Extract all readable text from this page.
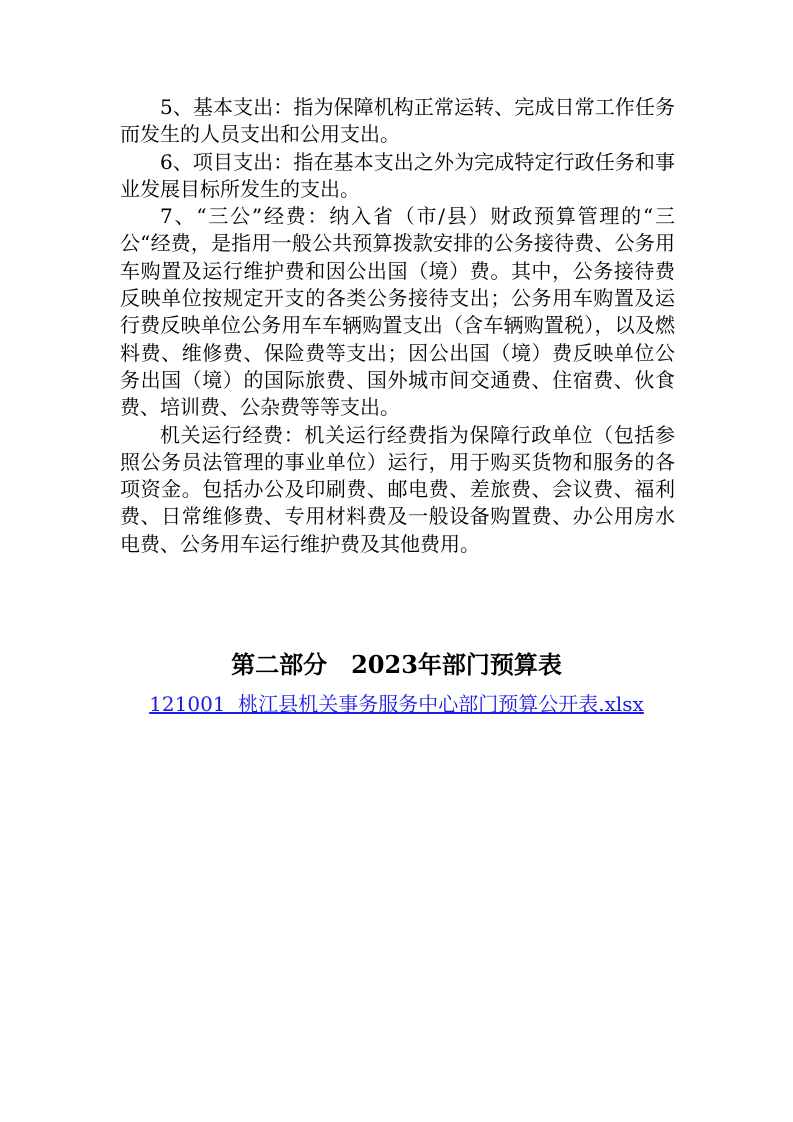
5、基本支出：指为保障机构正常运转、完成日常工作任务而发生的人员支出和公用支出。

6、项目支出：指在基本支出之外为完成特定行政任务和事业发展目标所发生的支出。

7、“三公”经费：纳入省（市/县）财政预算管理的“三公“经费，是指用一般公共预算拨款安排的公务接待费、公务用车购置及运行维护费和因公出国（境）费。其中，公务接待费反映单位按规定开支的各类公务接待支出；公务用车购置及运行费反映单位公务用车车辆购置支出（含车辆购置税），以及燃料费、维修费、保险费等支出；因公出国（境）费反映单位公务出国（境）的国际旅费、国外城市间交通费、住宿费、伙食费、培训费、公杂费等等支出。

机关运行经费：机关运行经费指为保障行政单位（包括参照公务员法管理的事业单位）运行，用于购买货物和服务的各项资金。包括办公及印刷费、邮电费、差旅费、会议费、福利费、日常维修费、专用材料费及一般设备购置费、办公用房水电费、公务用车运行维护费及其他费用。

第二部分　2023年部门预算表
121001  桃江县机关事务服务中心部门预算公开表.xlsx
